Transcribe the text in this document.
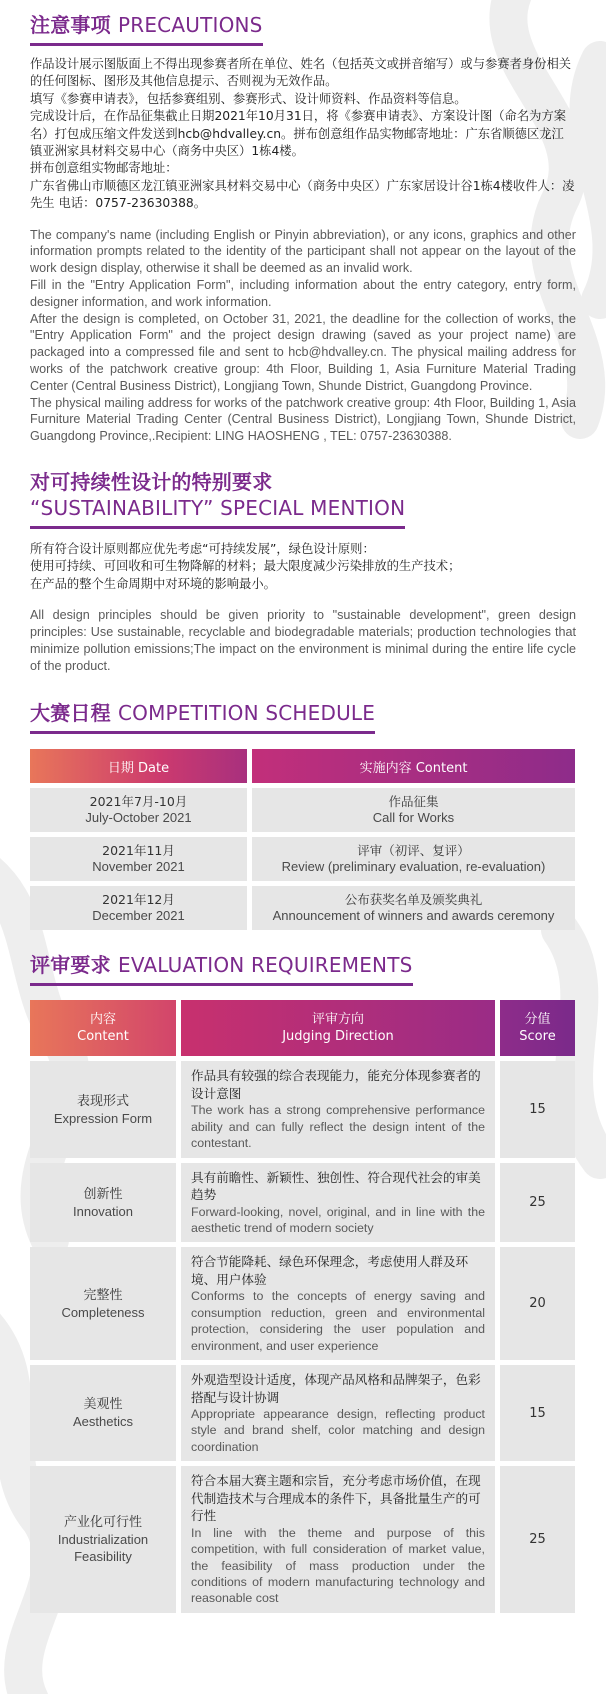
注意事项 PRECAUTIONS

作品设计展示图版面上不得出现参赛者所在单位、姓名（包括英文或拼音缩写）或与参赛者身份相关的任何图标、图形及其他信息提示、否则视为无效作品。

填写《参赛申请表》，包括参赛组别、参赛形式、设计师资料、作品资料等信息。

完成设计后，在作品征集截止日期2021年10月31日，将《参赛申请表》、方案设计图（命名为方案名）打包成压缩文件发送到hcb@hdvalley.cn。拼布创意组作品实物邮寄地址：广东省顺德区龙江镇亚洲家具材料交易中心（商务中央区）1栋4楼。

拼布创意组实物邮寄地址：

广东省佛山市顺德区龙江镇亚洲家具材料交易中心（商务中央区）广东家居设计谷1栋4楼收件人：凌先生 电话：0757-23630388。

The company's name (including English or Pinyin abbreviation), or any icons, graphics and other information prompts related to the identity of the participant shall not appear on the layout of the work design display, otherwise it shall be deemed as an invalid work.

Fill in the "Entry Application Form", including information about the entry category, entry form, designer information, and work information.

After the design is completed, on October 31, 2021, the deadline for the collection of works, the "Entry Application Form" and the project design drawing (saved as your project name) are packaged into a compressed file and sent to hcb@hdvalley.cn. The physical mailing address for works of the patchwork creative group: 4th Floor, Building 1, Asia Furniture Material Trading Center (Central Business District), Longjiang Town, Shunde District, Guangdong Province.

The physical mailing address for works of the patchwork creative group: 4th Floor, Building 1, Asia Furniture Material Trading Center (Central Business District), Longjiang Town, Shunde District, Guangdong Province,.Recipient: LING HAOSHENG , TEL: 0757-23630388.

对可持续性设计的特别要求
“SUSTAINABILITY” SPECIAL MENTION

所有符合设计原则都应优先考虑“可持续发展”，绿色设计原则：

使用可持续、可回收和可生物降解的材料；最大限度减少污染排放的生产技术；

在产品的整个生命周期中对环境的影响最小。

All design principles should be given priority to "sustainable development", green design principles: Use sustainable, recyclable and biodegradable materials; production technologies that minimize pollution emissions;The impact on the environment is minimal during the entire life cycle of the product.

大赛日程 COMPETITION SCHEDULE
日期 Date	实施内容 Content
2021年7月-10月
July-October 2021
作品征集
Call for Works
2021年11月
November 2021
评审（初评、复评）
Review (preliminary evaluation, re-evaluation)
2021年12月
December 2021
公布获奖名单及颁奖典礼
Announcement of winners and awards ceremony
评审要求 EVALUATION REQUIREMENTS
内容
Content
评审方向
Judging Direction
分值
Score
表现形式
Expression Form
作品具有较强的综合表现能力，能充分体现参赛者的设计意图
The work has a strong comprehensive performance ability and can fully reflect the design intent of the contestant.
15
创新性
Innovation
具有前瞻性、新颖性、独创性、符合现代社会的审美趋势
Forward-looking, novel, original, and in line with the aesthetic trend of modern society
25
完整性
Completeness
符合节能降耗、绿色环保理念，考虑使用人群及环境、用户体验
Conforms to the concepts of energy saving and consumption reduction, green and environmental protection, considering the user population and environment, and user experience
20
美观性
Aesthetics
外观造型设计适度，体现产品风格和品牌架子，色彩搭配与设计协调
Appropriate appearance design, reflecting product style and brand shelf, color matching and design coordination
15
产业化可行性
Industrialization Feasibility
符合本届大赛主题和宗旨，充分考虑市场价值，在现代制造技术与合理成本的条件下，具备批量生产的可行性
In line with the theme and purpose of this competition, with full consideration of market value, the feasibility of mass production under the conditions of modern manufacturing technology and reasonable cost
25
